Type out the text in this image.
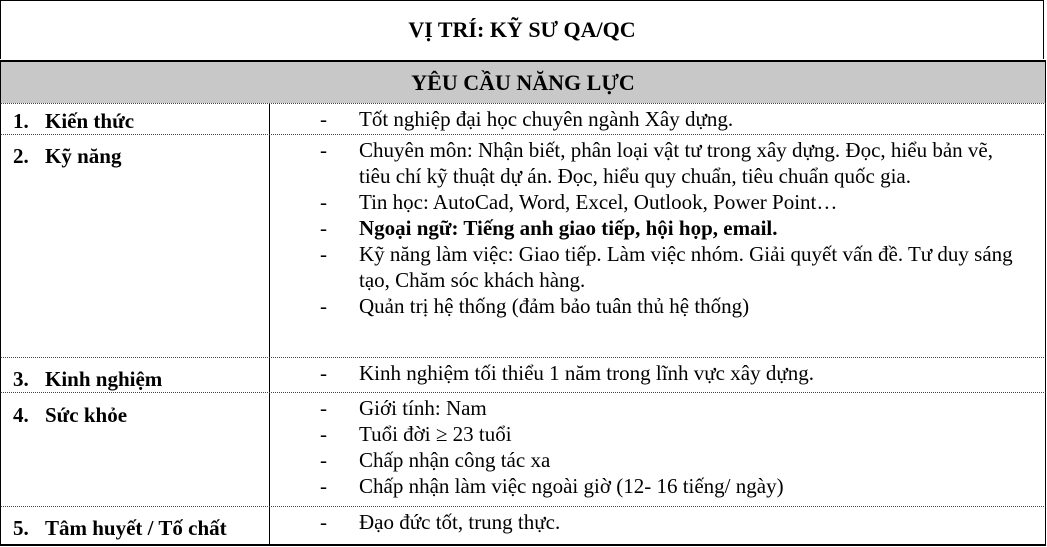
VỊ TRÍ: KỸ SƯ QA/QC
YÊU CẦU NĂNG LỰC
1. Kiến thức	- Tốt nghiệp đại học chuyên ngành Xây dựng.
2. Kỹ năng	- Chuyên môn: Nhận biết, phân loại vật tư trong xây dựng. Đọc, hiểu bản vẽ, tiêu chí kỹ thuật dự án. Đọc, hiểu quy chuẩn, tiêu chuẩn quốc gia.
- Tin học: AutoCad, Word, Excel, Outlook, Power Point…
- Ngoại ngữ: Tiếng anh giao tiếp, hội họp, email.
- Kỹ năng làm việc: Giao tiếp. Làm việc nhóm. Giải quyết vấn đề. Tư duy sáng tạo, Chăm sóc khách hàng.
- Quản trị hệ thống (đảm bảo tuân thủ hệ thống)
3. Kinh nghiệm	- Kinh nghiệm tối thiểu 1 năm trong lĩnh vực xây dựng.
4. Sức khỏe	- Giới tính: Nam
- Tuổi đời ≥ 23 tuổi
- Chấp nhận công tác xa
- Chấp nhận làm việc ngoài giờ (12- 16 tiếng/ ngày)
5. Tâm huyết / Tố chất	- Đạo đức tốt, trung thực.
